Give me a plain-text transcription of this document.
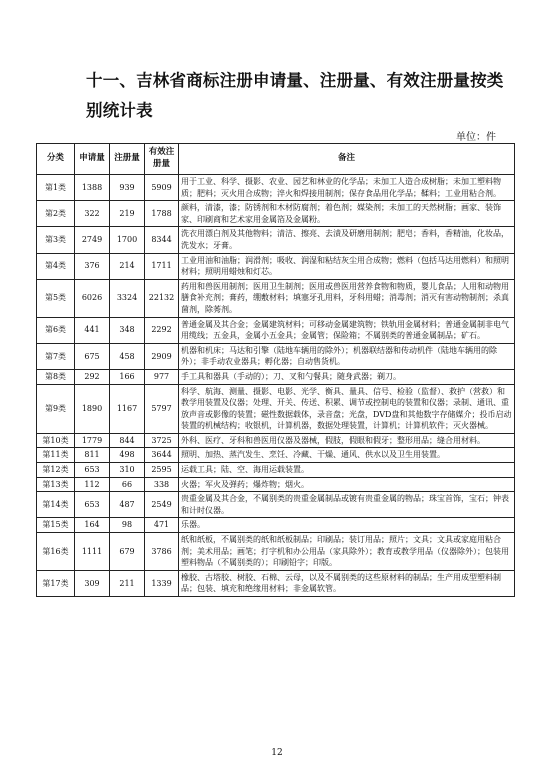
十一、吉林省商标注册申请量、注册量、有效注册量按类别统计表
单位：件
分类	申请量	注册量	有效注册量	备注
第1类	1388	939	5909	用于工业、科学、摄影、农业、园艺和林业的化学品；未加工人造合成树脂；未加工塑料物质；肥料；灭火用合成物；淬火和焊接用制剂；保存食品用化学品；鞣料；工业用粘合剂。
第2类	322	219	1788	颜料，清漆，漆；防锈剂和木材防腐剂；着色剂；媒染剂；未加工的天然树脂；画家、装饰家、印刷商和艺术家用金属箔及金属粉。
第3类	2749	1700	8344	洗衣用漂白剂及其他物料；清洁、擦亮、去渍及研磨用制剂；肥皂；香料，香精油，化妆品，洗发水；牙膏。
第4类	376	214	1711	工业用油和油脂；润滑剂；吸收、润湿和粘结灰尘用合成物；燃料（包括马达用燃料）和照明材料；照明用蜡烛和灯芯。
第5类	6026	3324	22132	药用和兽医用制剂；医用卫生制剂；医用或兽医用营养食物和物质，婴儿食品；人用和动物用膳食补充剂；膏药，绷敷材料；填塞牙孔用料，牙科用蜡；消毒剂；消灭有害动物制剂；杀真菌剂，除莠剂。
第6类	441	348	2292	普通金属及其合金；金属建筑材料；可移动金属建筑物；铁轨用金属材料；普通金属制非电气用缆线；五金具，金属小五金具；金属管；保险箱；不属别类的普通金属制品；矿石。
第7类	675	458	2909	机器和机床；马达和引擎（陆地车辆用的除外）；机器联结器和传动机件（陆地车辆用的除外）；非手动农业器具；孵化器；自动售货机。
第8类	292	166	977	手工具和器具（手动的）；刀、叉和勺餐具；随身武器；剃刀。
第9类	1890	1167	5797	科学、航海、测量、摄影、电影、光学、衡具、量具、信号、检验（监督）、救护（营救）和教学用装置及仪器；处理、开关、传送、积累、调节或控制电的装置和仪器；录制、通讯、重放声音或影像的装置；磁性数据载体，录音盘；光盘，DVD盘和其他数字存储媒介；投币启动装置的机械结构；收银机，计算机器，数据处理装置，计算机；计算机软件；灭火器械。
第10类	1779	844	3725	外科、医疗、牙科和兽医用仪器及器械，假肢，假眼和假牙；整形用品；缝合用材料。
第11类	811	498	3644	照明、加热、蒸汽发生、烹饪、冷藏、干燥、通风、供水以及卫生用装置。
第12类	653	310	2595	运载工具；陆、空、海用运载装置。
第13类	112	66	338	火器；军火及弹药；爆炸物；烟火。
第14类	653	487	2549	贵重金属及其合金，不属别类的贵重金属制品或镀有贵重金属的物品；珠宝首饰，宝石；钟表和计时仪器。
第15类	164	98	471	乐器。
第16类	1111	679	3786	纸和纸板，不属别类的纸和纸板制品；印刷品；装订用品；照片；文具；文具或家庭用粘合剂；美术用品；画笔；打字机和办公用品（家具除外）；教育或教学用品（仪器除外）；包装用塑料物品（不属别类的）；印刷铅字；印版。
第17类	309	211	1339	橡胶、古塔胶、树胶、石棉、云母，以及不属别类的这些原材料的制品；生产用成型塑料制品；包装、填充和绝缘用材料；非金属软管。
12
